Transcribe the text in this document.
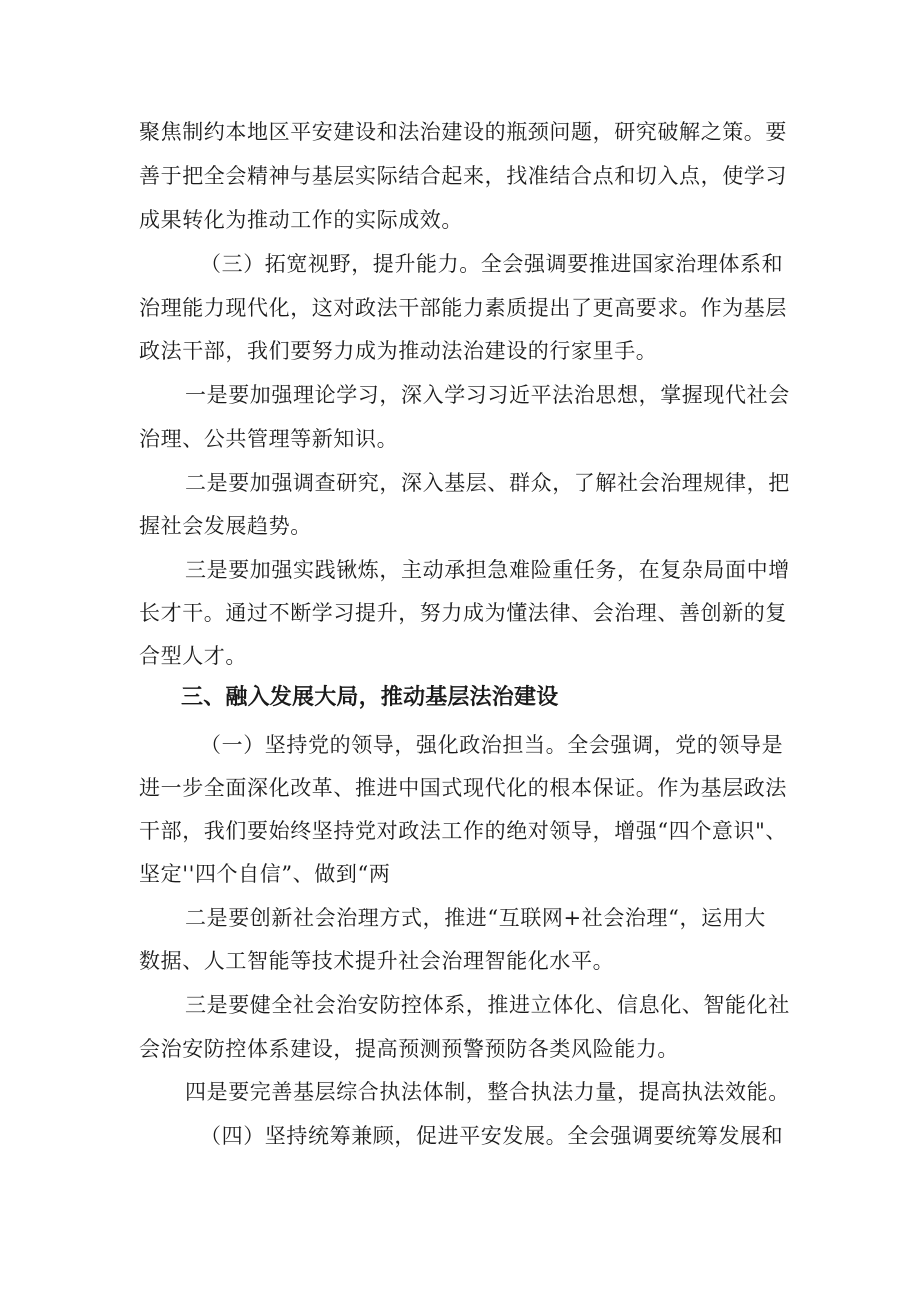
聚焦制约本地区平安建设和法治建设的瓶颈问题，研究破解之策。要

善于把全会精神与基层实际结合起来，找准结合点和切入点，使学习

成果转化为推动工作的实际成效。

（三）拓宽视野，提升能力。全会强调要推进国家治理体系和

治理能力现代化，这对政法干部能力素质提出了更高要求。作为基层

政法干部，我们要努力成为推动法治建设的行家里手。

一是要加强理论学习，深入学习习近平法治思想，掌握现代社会

治理、公共管理等新知识。

二是要加强调查研究，深入基层、群众，了解社会治理规律，把

握社会发展趋势。

三是要加强实践锹炼，主动承担急难险重任务，在复杂局面中增

长才干。通过不断学习提升，努力成为懂法律、会治理、善创新的复

合型人才。

三、融入发展大局，推动基层法治建设

（一）坚持党的领导，强化政治担当。全会强调，党的领导是

进一步全面深化改革、推进中国式现代化的根本保证。作为基层政法

干部，我们要始终坚持党对政法工作的绝对领导，增强“四个意识"、

坚定''四个自信”、做到“两

二是要创新社会治理方式，推进“互联网+社会治理“，运用大

数据、人工智能等技术提升社会治理智能化水平。

三是要健全社会治安防控体系，推进立体化、信息化、智能化社

会治安防控体系建设，提高预测预警预防各类风险能力。

四是要完善基层综合执法体制，整合执法力量，提高执法效能。

（四）坚持统筹兼顾，促进平安发展。全会强调要统筹发展和
